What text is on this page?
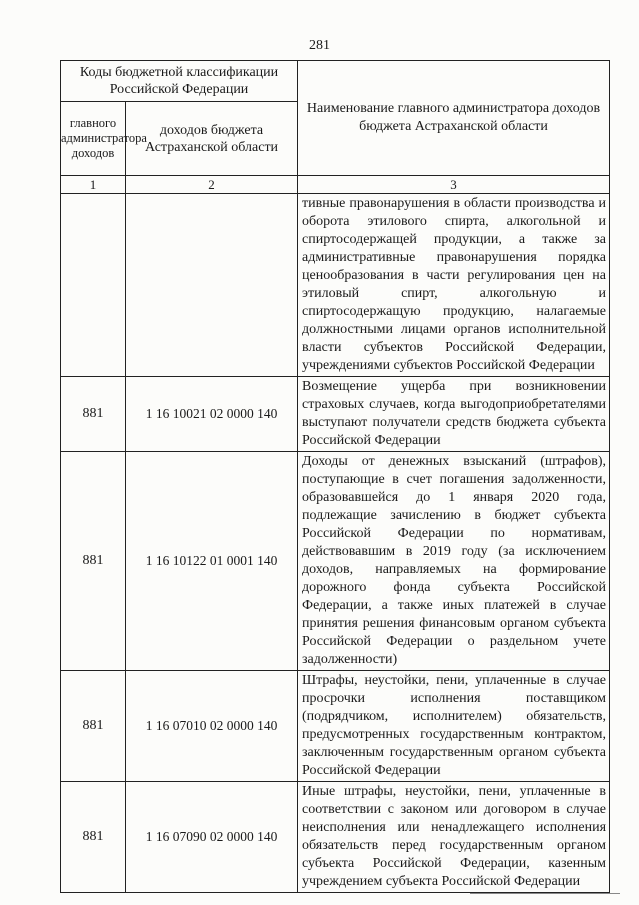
281
Коды бюджетной классификации Российской Федерации		Наименование главного администратора доходов бюджета Астраханской области
главного администратора доходов	доходов бюджета Астраханской области	
1	2	3
		тивные правонарушения в области производства и оборота этилового спирта, алкогольной и спиртосодержащей продукции, а также за административные правонарушения порядка ценообразования в части регулирования цен на этиловый спирт, алкогольную и спиртосодержащую продукцию, налагаемые должностными лицами органов исполнительной власти субъектов Российской Федерации, учреждениями субъектов Российской Федерации
881	1 16 10021 02 0000 140	Возмещение ущерба при возникновении страховых случаев, когда выгодоприобретателями выступают получатели средств бюджета субъекта Российской Федерации
881	1 16 10122 01 0001 140	Доходы от денежных взысканий (штрафов), поступающие в счет погашения задолженности, образовавшейся до 1 января 2020 года, подлежащие зачислению в бюджет субъекта Российской Федерации по нормативам, действовавшим в 2019 году (за исключением доходов, направляемых на формирование дорожного фонда субъекта Российской Федерации, а также иных платежей в случае принятия решения финансовым органом субъекта Российской Федерации о раздельном учете задолженности)
881	1 16 07010 02 0000 140	Штрафы, неустойки, пени, уплаченные в случае просрочки исполнения поставщиком (подрядчиком, исполнителем) обязательств, предусмотренных государственным контрактом, заключенным государственным органом субъекта Российской Федерации
881	1 16 07090 02 0000 140	Иные штрафы, неустойки, пени, уплаченные в соответствии с законом или договором в случае неисполнения или ненадлежащего исполнения обязательств перед государственным органом субъекта Российской Федерации, казенным учреждением субъекта Российской Федерации
